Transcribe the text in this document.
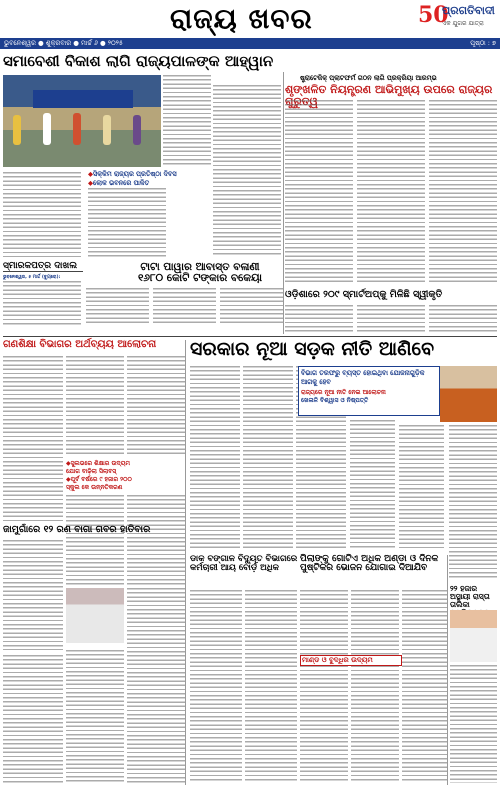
ରାଜ୍ୟ ଖବର	50
ପ୍ରଗତିବାଦୀ
ଏକ ଯୁଗର ଯାତ୍ରା
ଭୁବନେଶ୍ୱର ● ଶୁକ୍ରବାର ● ମାର୍ଚ୍ଚ ୬ ● ୨୦୨୫	ପୃଷ୍ଠା : ୭
ସମାବେଶୀ ବିକାଶ ଲାଗି ରାଜ୍ୟପାଳଙ୍କ ଆହ୍ୱାନ
◆ ସିକ୍କିମ ରାଜ୍ୟର ପ୍ରତିଷ୍ଠା ଦିବସ
◆ ଲୋକ ଭବନରେ ପାଳିତ
ଷ୍ଟ୍ରାଟେଜିକ୍ ପ୍ଲାଟଫର୍ମ ଗଠନ ଲାଗି ପ୍ରକ୍ରିୟା ଆରମ୍ଭ
ଶୃଙ୍ଖଳିତ ନିୟନ୍ତ୍ରଣ ଆଭିମୁଖ୍ୟ ଉପରେ ରାଜ୍ୟର ଗୁରୁତ୍ୱ
ସ୍ମାରକପତ୍ର ଦାଖଲ
ଭୁବନେଶ୍ୱର, ୫ ମାର୍ଚ୍ଚ (ବ୍ୟୁରୋ):
ଟାଟା ପାୱାର ଆବାସ୍ତ ବଳାଣୀ
୧୬୮୦ କୋଟି ଟଙ୍କାର ବକେୟା
ଓଡ଼ିଶାରେ ୨୦୯ ସ୍ମାର୍ଟଅପ୍‌କୁ ମିଳିଛି ସ୍ୱୀକୃତି
ଗଣଶିକ୍ଷା ବିଭାଗର ଅର୍ଥବ୍ୟୟ ଆଲୋଚନା
◆ ସୁଲଭରେ ଶିକ୍ଷାର ଉଦ୍ୟମ
ଯୋଗ ବାଢ଼ିଲା ସିଲାବସ୍
◆ ପୂର୍ବ ବର୍ଷରେ ୯ ହଜାର ୨୦୦
ସ୍କୁଲ କେ ଉନ୍ନତିକରଣ
ସରକାର ନୂଆ ସଡ଼କ ନୀତି ଆଣିବେ
ବିଭାଗ ତରଫରୁ ବ୍ୟସ୍ତ ହୋଇଥିବା ଯୋଜନାଗୁଡ଼ିକ ଆଗକୁ ହେବ
ରାଜ୍ୟରେ ନୂଆ ନୀତି ନେଇ ଆଲୋଚନା
ଖେଳାଳି ବିଶ୍ୱାସ ଓ ନିଷ୍ପତ୍ତି
ଜାମୁଗାଁରେ ୧୨ ରଣ ବାଗା ଗବର ହାତିବାର
ଡାକ ବଙ୍ଗାଳ ବିଦ୍ୟୁତ ବିଭାଗରେ କର୍ମଚାରୀ ଆୟ ବୋର୍ଡ଼ ଅଧିକ
ପିଲାଙ୍କୁ ଗୋଟିଏ ଅଧିକ ଅଣ୍ଡା ଓ ଦିନକ ପୁଷ୍ଟିକର ଭୋଜନ ଯୋଗାଇ ଦିଆଯିବ
ମାଣ୍ଡ ଓ ବୁଦ୍ଧିର ଉଦ୍ୟମ
୨୨ ହଜାର ଅସ୍ଥାୟୀ ରାସ୍ତା ତାଲିକା
